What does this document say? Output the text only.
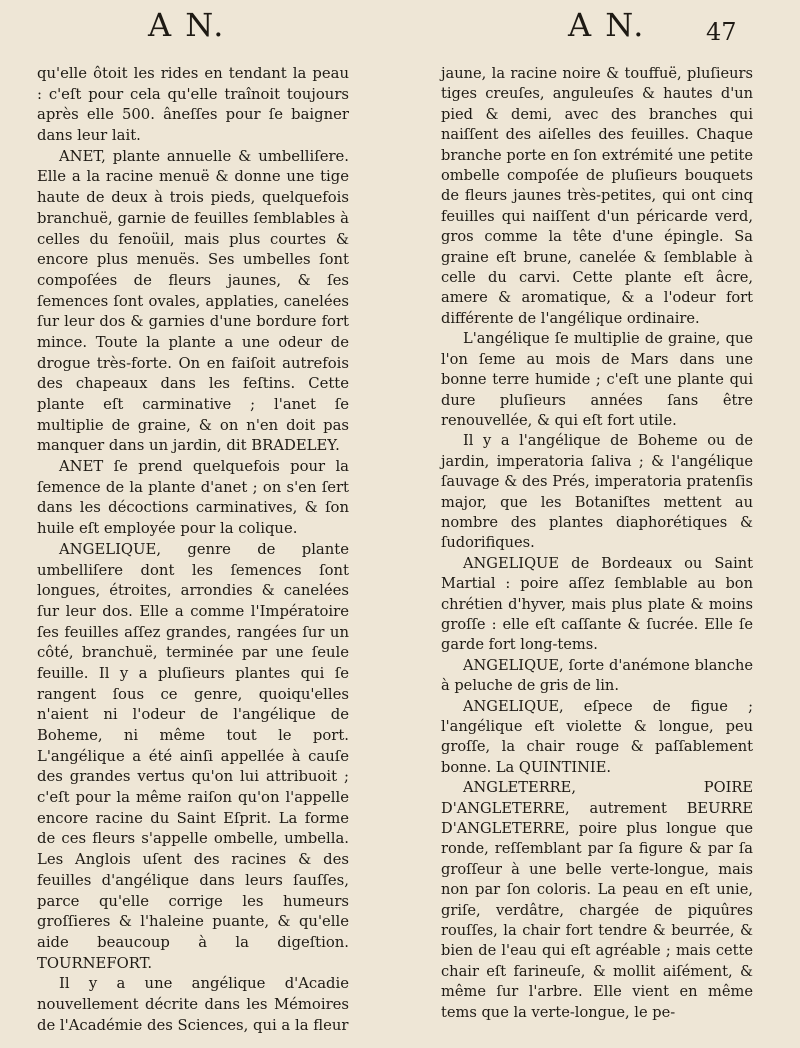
A N.	A N.	47

qu'elle ôtoit les rides en tendant la peau : c'eſt pour cela qu'elle traînoit toujours après elle 500. âneſſes pour ſe baigner dans leur lait.

ANET, plante annuelle & umbelliſere. Elle a la racine menuë & donne une tige haute de deux à trois pieds, quelquefois branchuë, garnie de feuilles ſemblables à celles du fenoüil, mais plus courtes & encore plus menuës. Ses umbelles ſont compoſées de fleurs jaunes, & ſes ſemences ſont ovales, applaties, canelées ſur leur dos & garnies d'une bordure fort mince. Toute la plante a une odeur de drogue très-forte. On en faiſoit autrefois des chapeaux dans les feſtins. Cette plante eſt carminative ; l'anet ſe multiplie de graine, & on n'en doit pas manquer dans un jardin, dit BRADELEY.

ANET ſe prend quelquefois pour la ſemence de la plante d'anet ; on s'en ſert dans les décoctions carminatives, & ſon huile eſt employée pour la colique.

ANGELIQUE, genre de plante umbelliſere dont les ſemences ſont longues, étroites, arrondies & canelées ſur leur dos. Elle a comme l'Impératoire ſes feuilles aſſez grandes, rangées ſur un côté, branchuë, terminée par une ſeule feuille. Il y a pluſieurs plantes qui ſe rangent ſous ce genre, quoiqu'elles n'aient ni l'odeur de l'angélique de Boheme, ni même tout le port. L'angélique a été ainſi appellée à cauſe des grandes vertus qu'on lui attribuoit ; c'eſt pour la même raiſon qu'on l'appelle encore racine du Saint Eſprit. La forme de ces fleurs s'appelle ombelle, umbella. Les Anglois uſent des racines & des feuilles d'angélique dans leurs ſauſſes, parce qu'elle corrige les humeurs groſſieres & l'haleine puante, & qu'elle aide beaucoup à la digeſtion. TOURNEFORT.

Il y a une angélique d'Acadie nouvellement décrite dans les Mémoires de l'Académie des Sciences, qui a la fleur

jaune, la racine noire & touffuë, pluſieurs tiges creuſes, anguleuſes & hautes d'un pied & demi, avec des branches qui naiſſent des aiſelles des feuilles. Chaque branche porte en ſon extrémité une petite ombelle compoſée de pluſieurs bouquets de fleurs jaunes très-petites, qui ont cinq feuilles qui naiſſent d'un péricarde verd, gros comme la tête d'une épingle. Sa graine eſt brune, canelée & ſemblable à celle du carvi. Cette plante eſt âcre, amere & aromatique, & a l'odeur fort différente de l'angélique ordinaire.

L'angélique ſe multiplie de graine, que l'on ſeme au mois de Mars dans une bonne terre humide ; c'eſt une plante qui dure pluſieurs années ſans être renouvellée, & qui eſt fort utile.

Il y a l'angélique de Boheme ou de jardin, imperatoria ſaliva ; & l'angélique ſauvage & des Prés, imperatoria pratenſis major, que les Botaniſtes mettent au nombre des plantes diaphorétiques & ſudorifiques.

ANGELIQUE de Bordeaux ou Saint Martial : poire aſſez ſemblable au bon chrétien d'hyver, mais plus plate & moins groſſe : elle eſt caſſante & ſucrée. Elle ſe garde fort long-tems.

ANGELIQUE, ſorte d'anémone blanche à peluche de gris de lin.

ANGELIQUE, eſpece de figue ; l'angélique eſt violette & longue, peu groſſe, la chair rouge & paſſablement bonne. La QUINTINIE.

ANGLETERRE, POIRE D'ANGLETERRE, autrement BEURRE D'ANGLETERRE, poire plus longue que ronde, reſſemblant par ſa figure & par ſa groſſeur à une belle verte-longue, mais non par ſon coloris. La peau en eſt unie, griſe, verdâtre, chargée de piquûres rouſſes, la chair fort tendre & beurrée, & bien de l'eau qui eſt agréable ; mais cette chair eſt farineuſe, & mollit aiſément, & même ſur l'arbre. Elle vient en même tems que la verte-longue, le pe-
